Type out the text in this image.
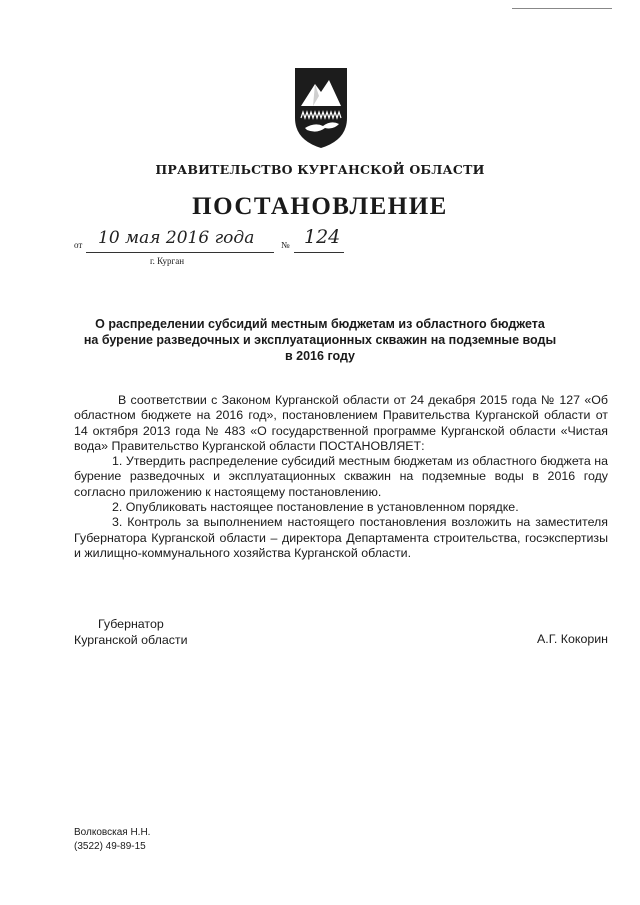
ПРАВИТЕЛЬСТВО КУРГАНСКОЙ ОБЛАСТИ
ПОСТАНОВЛЕНИЕ
от 10 мая 2016 года	№ 124
г. Курган
О распределении субсидий местным бюджетам из областного бюджета
на бурение разведочных и эксплуатационных скважин на подземные воды
в 2016 году

В соответствии с Законом Курганской области от 24 декабря 2015 года № 127 «Об областном бюджете на 2016 год», постановлением Правительства Курганской области от 14 октября 2013 года № 483 «О государственной программе Курганской области «Чистая вода» Правительство Курганской области ПОСТАНОВЛЯЕТ:

1. Утвердить распределение субсидий местным бюджетам из областного бюджета на бурение разведочных и эксплуатационных скважин на подземные воды в 2016 году согласно приложению к настоящему постановлению.

2. Опубликовать настоящее постановление в установленном порядке.

3. Контроль за выполнением настоящего постановления возложить на заместителя Губернатора Курганской области – директора Департамента строительства, госэкспертизы и жилищно-коммунального хозяйства Курганской области.

Губернатор
Курганской области	А.Г. Кокорин
Волковская Н.Н.
(3522) 49-89-15
